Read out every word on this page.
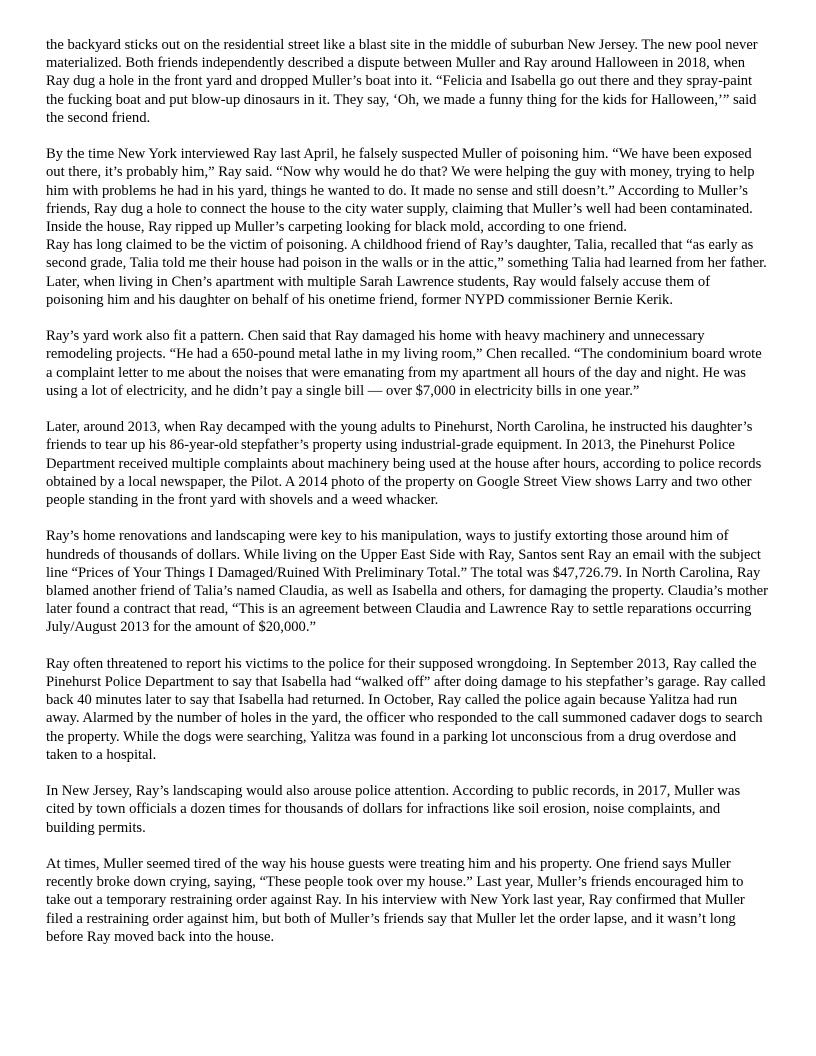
the backyard sticks out on the residential street like a blast site in the middle of suburban New Jersey. The new pool never materialized. Both friends independently described a dispute between Muller and Ray around Halloween in 2018, when Ray dug a hole in the front yard and dropped Muller’s boat into it. “Felicia and Isabella go out there and they spray-paint the fucking boat and put blow-up dinosaurs in it. They say, ‘Oh, we made a funny thing for the kids for Halloween,’” said the second friend.

By the time New York interviewed Ray last April, he falsely suspected Muller of poisoning him. “We have been exposed out there, it’s probably him,” Ray said. “Now why would he do that? We were helping the guy with money, trying to help him with problems he had in his yard, things he wanted to do. It made no sense and still doesn’t.” According to Muller’s friends, Ray dug a hole to connect the house to the city water supply, claiming that Muller’s well had been contaminated. Inside the house, Ray ripped up Muller’s carpeting looking for black mold, according to one friend.

Ray has long claimed to be the victim of poisoning. A childhood friend of Ray’s daughter, Talia, recalled that “as early as second grade, Talia told me their house had poison in the walls or in the attic,” something Talia had learned from her father. Later, when living in Chen’s apartment with multiple Sarah Lawrence students, Ray would falsely accuse them of poisoning him and his daughter on behalf of his onetime friend, former NYPD commissioner Bernie Kerik.

Ray’s yard work also fit a pattern. Chen said that Ray damaged his home with heavy machinery and unnecessary remodeling projects. “He had a 650-pound metal lathe in my living room,” Chen recalled. “The condominium board wrote a complaint letter to me about the noises that were emanating from my apartment all hours of the day and night. He was using a lot of electricity, and he didn’t pay a single bill — over $7,000 in electricity bills in one year.”

Later, around 2013, when Ray decamped with the young adults to Pinehurst, North Carolina, he instructed his daughter’s friends to tear up his 86-year-old stepfather’s property using industrial-grade equipment. In 2013, the Pinehurst Police Department received multiple complaints about machinery being used at the house after hours, according to police records obtained by a local newspaper, the Pilot. A 2014 photo of the property on Google Street View shows Larry and two other people standing in the front yard with shovels and a weed whacker.

Ray’s home renovations and landscaping were key to his manipulation, ways to justify extorting those around him of hundreds of thousands of dollars. While living on the Upper East Side with Ray, Santos sent Ray an email with the subject line “Prices of Your Things I Damaged/Ruined With Preliminary Total.” The total was $47,726.79. In North Carolina, Ray blamed another friend of Talia’s named Claudia, as well as Isabella and others, for damaging the property. Claudia’s mother later found a contract that read, “This is an agreement between Claudia and Lawrence Ray to settle reparations occurring July/August 2013 for the amount of $20,000.”

Ray often threatened to report his victims to the police for their supposed wrongdoing. In September 2013, Ray called the Pinehurst Police Department to say that Isabella had “walked off” after doing damage to his stepfather’s garage. Ray called back 40 minutes later to say that Isabella had returned. In October, Ray called the police again because Yalitza had run away. Alarmed by the number of holes in the yard, the officer who responded to the call summoned cadaver dogs to search the property. While the dogs were searching, Yalitza was found in a parking lot unconscious from a drug overdose and taken to a hospital.

In New Jersey, Ray’s landscaping would also arouse police attention. According to public records, in 2017, Muller was cited by town officials a dozen times for thousands of dollars for infractions like soil erosion, noise complaints, and building permits.

At times, Muller seemed tired of the way his house guests were treating him and his property. One friend says Muller recently broke down crying, saying, “These people took over my house.” Last year, Muller’s friends encouraged him to take out a temporary restraining order against Ray. In his interview with New York last year, Ray confirmed that Muller filed a restraining order against him, but both of Muller’s friends say that Muller let the order lapse, and it wasn’t long before Ray moved back into the house.
